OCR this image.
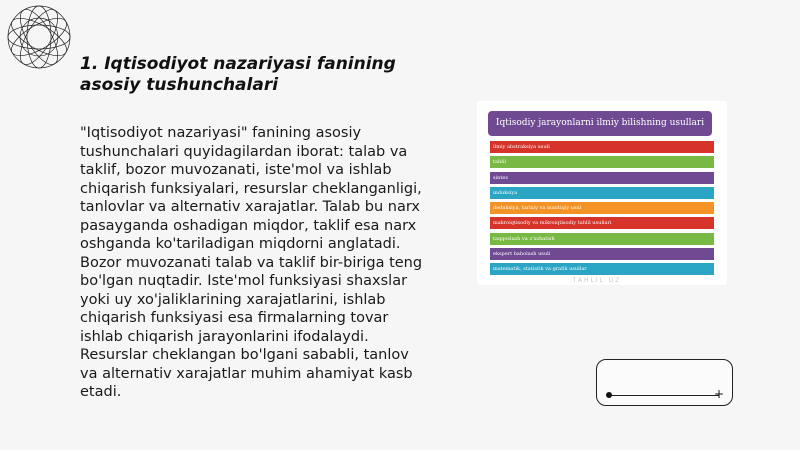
1. Iqtisodiyot nazariyasi fanining asosiy tushunchalari

"Iqtisodiyot nazariyasi" fanining asosiy tushunchalari quyidagilardan iborat: talab va taklif, bozor muvozanati, iste'mol va ishlab chiqarish funksiyalari, resurslar cheklanganligi, tanlovlar va alternativ xarajatlar. Talab bu narx pasayganda oshadigan miqdor, taklif esa narx oshganda ko'tariladigan miqdorni anglatadi. Bozor muvozanati talab va taklif bir-biriga teng bo'lgan nuqtadir. Iste'mol funksiyasi shaxslar yoki uy xo'jaliklarining xarajatlarini, ishlab chiqarish funksiyasi esa firmalarning tovar ishlab chiqarish jarayonlarini ifodalaydi. Resurslar cheklangan bo'lgani sababli, tanlov va alternativ xarajatlar muhim ahamiyat kasb etadi.

Iqtisodiy jarayonlarni ilmiy bilishning usullari
ilmiy abstraksiya usuli
tahlil
sintez
induksiya
deduksiya, tarixiy va mantiqiy usul
makroiqtisodiy va mikroiqtisodiy tahlil usullari
taqqoslash va o'xshatish
ekspert baholash usuli
matematik, statistik va grafik usullar
TAHLIL UZ
+
